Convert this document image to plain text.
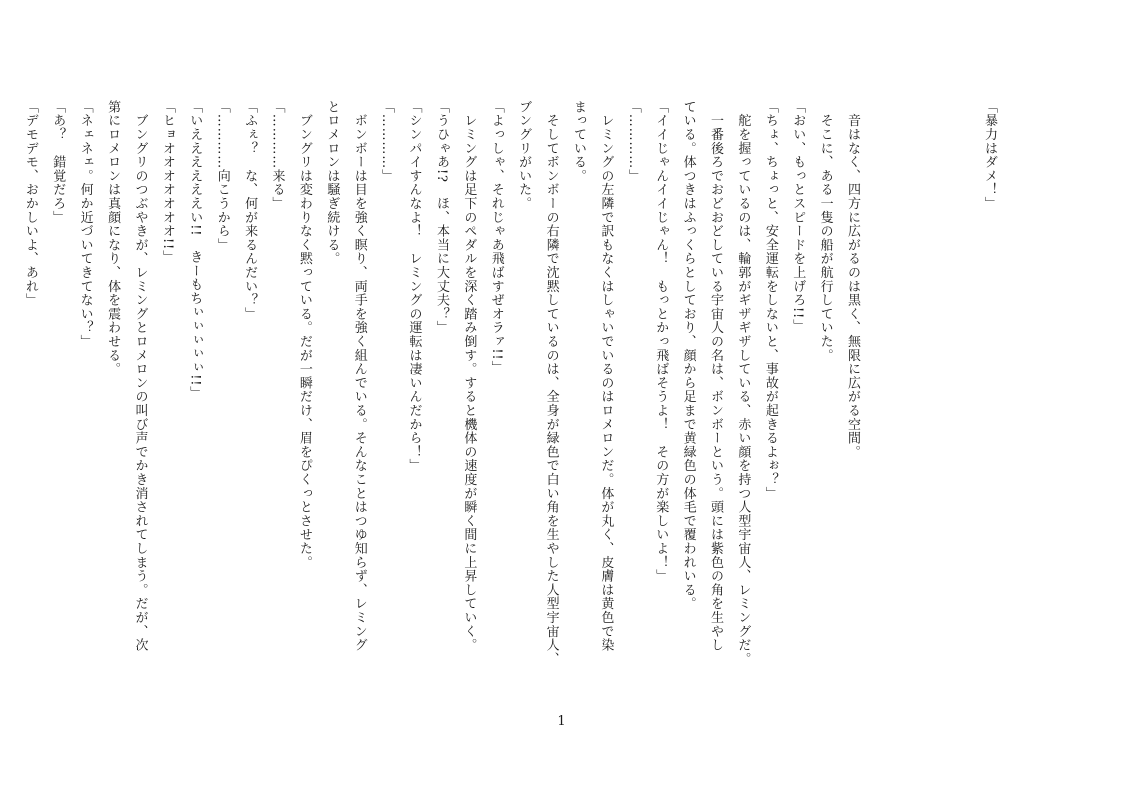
「暴力はダメ！」
　音はなく、四方に広がるのは黒く、無限に広がる空間。
　そこに、ある一隻の船が航行していた。
「おい、もっとスピードを上げろ!!」
「ちょ、ちょっと、安全運転をしないと、事故が起きるよぉ？」
　舵を握っているのは、輪郭がギザギザしている、赤い顔を持つ人型宇宙人、レミングだ。
　一番後ろでおどおどしている宇宙人の名は、ボンボーという。頭には紫色の角を生やし
ている。体つきはふっくらとしており、顔から足まで黄緑色の体毛で覆われいる。
「イイじゃんイイじゃん！　もっとかっ飛ばそうよ！　その方が楽しいよ！」
「…………」
　レミングの左隣で訳もなくはしゃいでいるのはロメロンだ。体が丸く、皮膚は黄色で染
まっている。
　そしてボンボーの右隣で沈黙しているのは、全身が緑色で白い角を生やした人型宇宙人、
ブングリがいた。
「よっしゃ、それじゃあ飛ばすぜオラァ!!」
　レミングは足下のペダルを深く踏み倒す。すると機体の速度が瞬く間に上昇していく。
「うひゃあ!?　ほ、本当に大丈夫？」
「シンパイすんなよ！　レミングの運転は凄いんだから！」
「…………」
　ボンボーは目を強く瞑り、両手を強く組んでいる。そんなことはつゆ知らず、レミング
とロメロンは騒ぎ続ける。
　ブングリは変わりなく黙っている。だが一瞬だけ、眉をぴくっとさせた。
「…………来る」
「ふぇ？　な、何が来るんだい？」
「…………向こうから」
「いええええええい!!　きーもちぃぃぃぃぃ!!」
「ヒョオオオオオオオ!!」
　ブングリのつぶやきが、レミングとロメロンの叫び声でかき消されてしまう。だが、次
第にロメロンは真顔になり、体を震わせる。
「ネェネェ。何か近づいてきてない？」
「あ？　錯覚だろ」
「デモデモ、おかしいよ、あれ」
1
